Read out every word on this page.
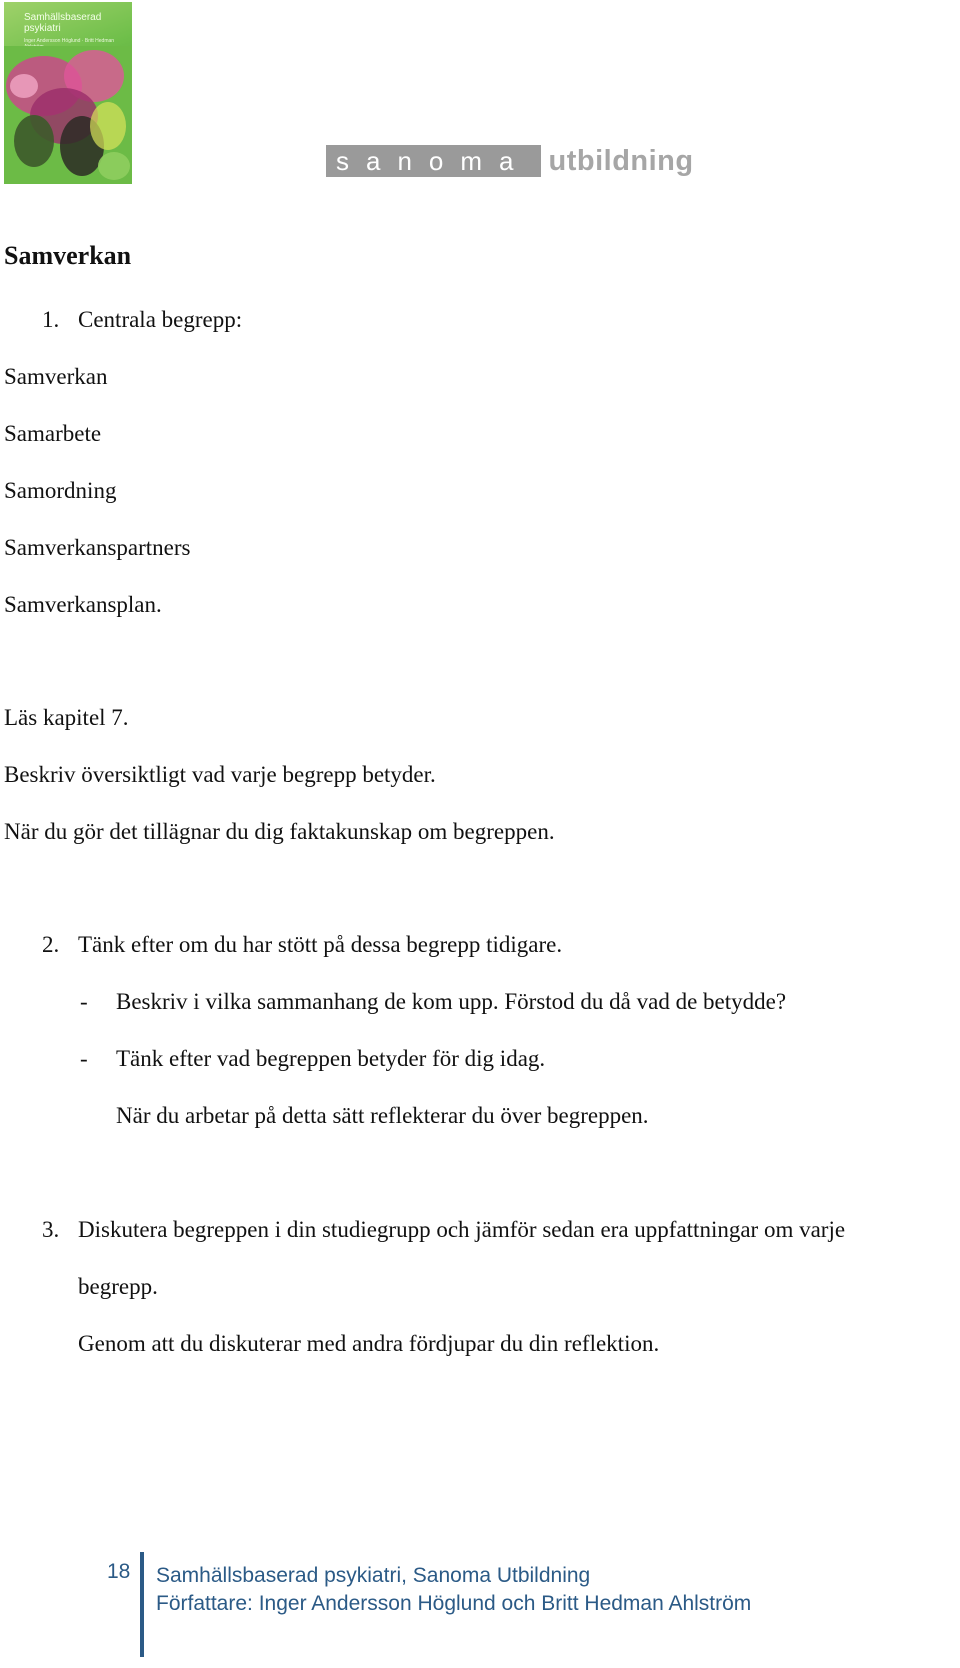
Samhällsbaserad psykiatri
Inger Andersson Höglund · Britt Hedman
sanoma utbildning
Samverkan
1. Centrala begrepp:
Samverkan
Samarbete
Samordning
Samverkanspartners
Samverkansplan.
Läs kapitel 7.
Beskriv översiktligt vad varje begrepp betyder.
När du gör det tillägnar du dig faktakunskap om begreppen.
2. Tänk efter om du har stött på dessa begrepp tidigare.
- Beskriv i vilka sammanhang de kom upp. Förstod du då vad de betydde?
- Tänk efter vad begreppen betyder för dig idag.
När du arbetar på detta sätt reflekterar du över begreppen.
3. Diskutera begreppen i din studiegrupp och jämför sedan era uppfattningar om varje
begrepp.
Genom att du diskuterar med andra fördjupar du din reflektion.
18 Samhällsbaserad psykiatri, Sanoma Utbildning
Författare: Inger Andersson Höglund och Britt Hedman Ahlström
